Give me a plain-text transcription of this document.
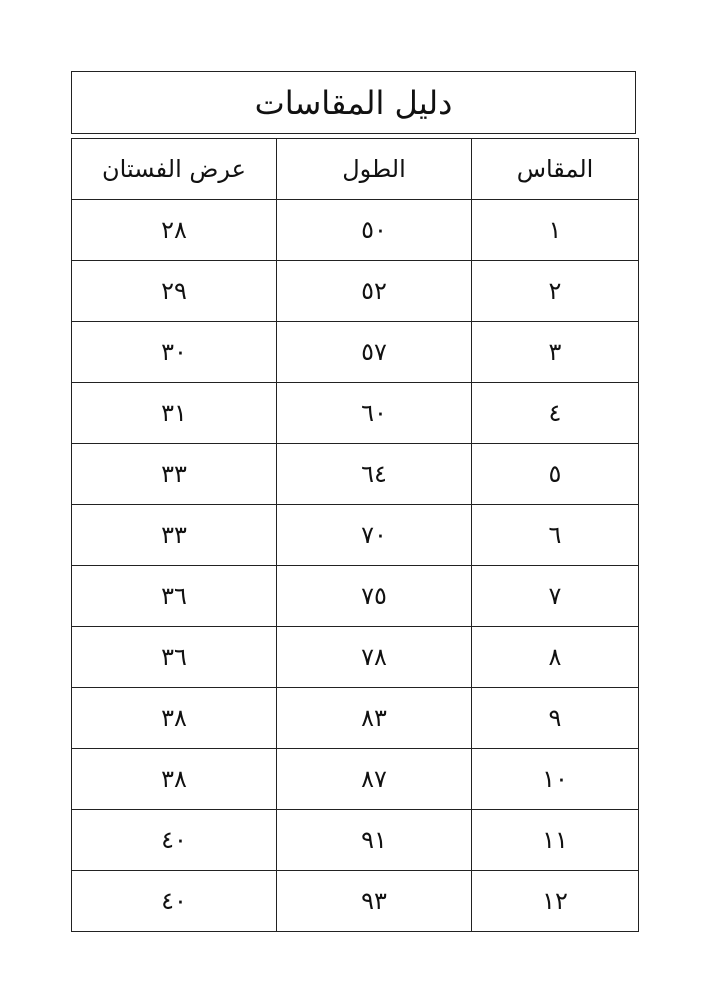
دليل المقاسات
المقاس	الطول	عرض الفستان
١	٥٠	٢٨
٢	٥٢	٢٩
٣	٥٧	٣٠
٤	٦٠	٣١
٥	٦٤	٣٣
٦	٧٠	٣٣
٧	٧٥	٣٦
٨	٧٨	٣٦
٩	٨٣	٣٨
١٠	٨٧	٣٨
١١	٩١	٤٠
١٢	٩٣	٤٠
